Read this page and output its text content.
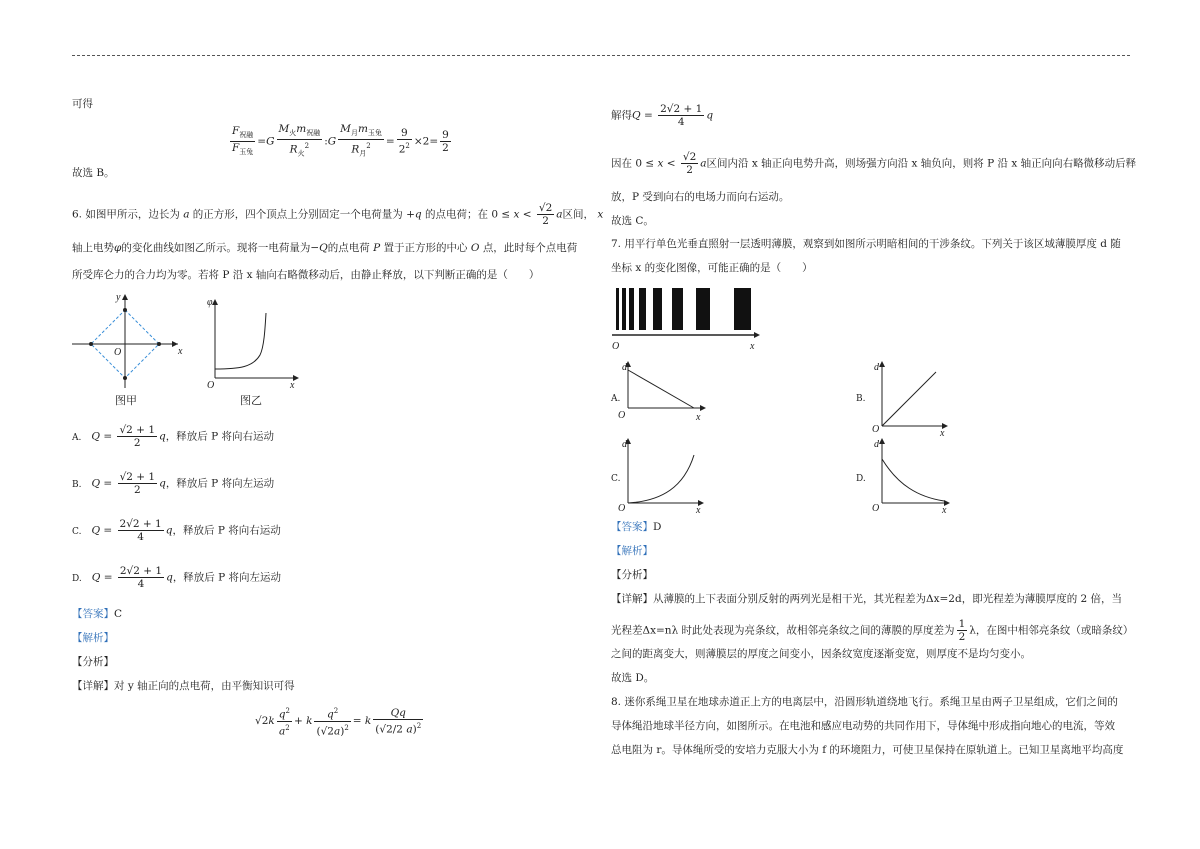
可得
$\frac{F_{祝融}}{F_{玉兔}} =G \frac{M_火m_{祝融}}{R_火^2}$ :G $\frac{M_月m_{玉兔}}{R_月^2} = \frac{9}{2^2} \times 2= \frac{9}{2}$
故选 B。
6. 如图甲所示，边长为 a 的正方形，四个顶点上分别固定一个电荷量为 +q 的点电荷；在 $0 \le x < \frac{√2}{2}$ a区间， x
轴上电势φ的变化曲线如图乙所示。现将一电荷量为−Q的点电荷 P 置于正方形的中心 O 点，此时每个点电荷
所受库仑力的合力均为零。若将 P 沿 x 轴向右略微移动后，由静止释放，以下判断正确的是（　　）
y
x
O
图甲
φ
O	x
图乙
A. $Q = \frac{√2 + 1}{2}$ q，释放后 P 将向右运动
B. $Q = \frac{√2 + 1}{2}$ q，释放后 P 将向左运动
C. $Q = \frac{2√2 + 1}{4}$ q，释放后 P 将向右运动
D. $Q = \frac{2√2 + 1}{4}$ q，释放后 P 将向左运动
【答案】C
【解析】
【分析】
【详解】对 y 轴正向的点电荷，由平衡知识可得
$√2k \frac{q^2}{a^2} + k \frac{q^2}{(√2a)^2} = k \frac{Qq}{(√2/2 a)^2}$
解得$Q = \frac{2√2 + 1}{4}$ q
因在 $0 \le x < \frac{√2}{2}$ a区间内沿 x 轴正向电势升高，则场强方向沿 x 轴负向，则将 P 沿 x 轴正向向右略微移动后释
放，P 受到向右的电场力而向右运动。
故选 C。
7. 用平行单色光垂直照射一层透明薄膜，观察到如图所示明暗相间的干涉条纹。下列关于该区域薄膜厚度 d 随
坐标 x 的变化图像，可能正确的是（　　）
O	x
A.
d
O	x
B.
d
O	x
C.
d
O	x
D.
d
O	x
【答案】D
【解析】
【分析】
【详解】从薄膜的上下表面分别反射的两列光是相干光，其光程差为Δx=2d，即光程差为薄膜厚度的 2 倍，当
光程差Δx=nλ 时此处表现为亮条纹，故相邻亮条纹之间的薄膜的厚度差为 $\frac{1}{2}$ λ，在图中相邻亮条纹（或暗条纹）
之间的距离变大，则薄膜层的厚度之间变小，因条纹宽度逐渐变宽，则厚度不是均匀变小。
故选 D。
8. 迷你系绳卫星在地球赤道正上方的电离层中，沿圆形轨道绕地飞行。系绳卫星由两子卫星组成，它们之间的
导体绳沿地球半径方向，如图所示。在电池和感应电动势的共同作用下，导体绳中形成指向地心的电流，等效
总电阻为 r。导体绳所受的安培力克服大小为 f 的环境阻力，可使卫星保持在原轨道上。已知卫星离地平均高度
